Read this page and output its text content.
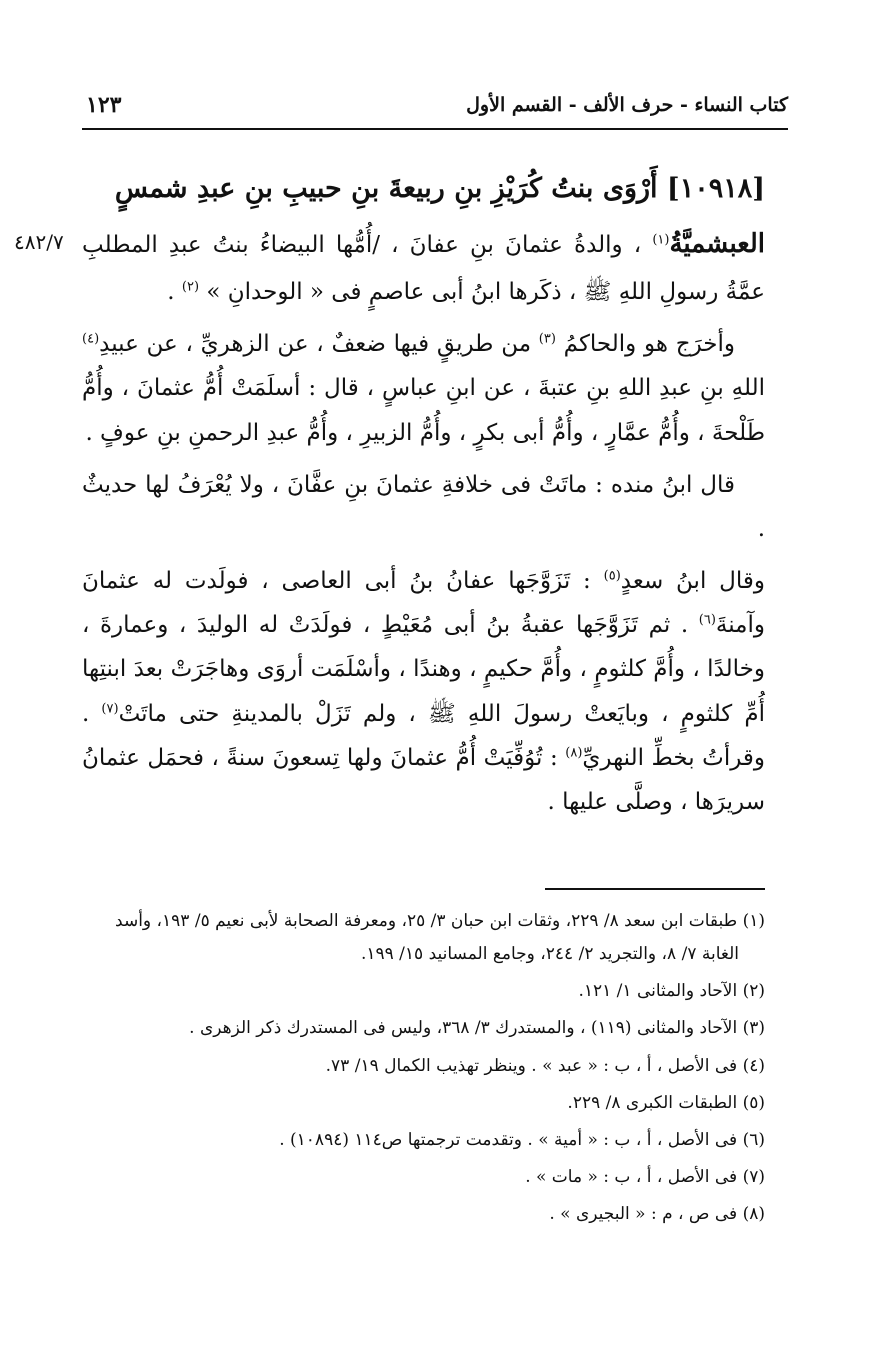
كتاب النساء - حرف الألف - القسم الأول
١٢٣
٤٨٢/٧

[١٠٩١٨] أَرْوَى بنتُ كُرَيْزِ بنِ ربيعةَ بنِ حبيبِ بنِ عبدِ شمسٍ

العبشميَّةُ$^{(١)}$ ، والدةُ عثمانَ بنِ عفانَ ، /أُمُّها البيضاءُ بنتُ عبدِ المطلبِ عمَّةُ رسولِ اللهِ ﷺ ، ذكَرها ابنُ أبى عاصمٍ فى « الوحدانِ » $^{(٢)}$ .

وأخرَج هو والحاكمُ $^{(٣)}$ من طريقٍ فيها ضعفٌ ، عن الزهريِّ ، عن عبيدِ$^{(٤)}$ اللهِ بنِ عبدِ اللهِ بنِ عتبةَ ، عن ابنِ عباسٍ ، قال : أسلَمَتْ أُمُّ عثمانَ ، وأُمُّ طَلْحةَ ، وأُمُّ عمَّارٍ ، وأُمُّ أبى بكرٍ ، وأُمُّ الزبيرِ ، وأُمُّ عبدِ الرحمنِ بنِ عوفٍ .

قال ابنُ منده : ماتَتْ فى خلافةِ عثمانَ بنِ عفَّانَ ، ولا يُعْرَفُ لها حديثٌ .

وقال ابنُ سعدٍ$^{(٥)}$ : تَزَوَّجَها عفانُ بنُ أبى العاصى ، فولَدت له عثمانَ وآمنةَ$^{(٦)}$ . ثم تَزَوَّجَها عقبةُ بنُ أبى مُعَيْطٍ ، فولَدَتْ له الوليدَ ، وعمارةَ ، وخالدًا ، وأُمَّ كلثومٍ ، وأُمَّ حكيمٍ ، وهندًا ، وأسْلَمَت أروَى وهاجَرَتْ بعدَ ابنتِها أُمِّ كلثومٍ ، وبايَعتْ رسولَ اللهِ ﷺ ، ولم تَزَلْ بالمدينةِ حتى ماتَتْ$^{(٧)}$ . وقرأتُ بخطِّ النهريِّ$^{(٨)}$ : تُوُفِّيَتْ أُمُّ عثمانَ ولها تِسعونَ سنةً ، فحمَل عثمانُ سريرَها ، وصلَّى عليها .

(١) طبقات ابن سعد ٨/ ٢٢٩، وثقات ابن حبان ٣/ ٢٥، ومعرفة الصحابة لأبى نعيم ٥/ ١٩٣، وأسد
الغابة ٧/ ٨، والتجريد ٢/ ٢٤٤، وجامع المسانيد ١٥/ ١٩٩.

(٢) الآحاد والمثانى ١/ ١٢١.

(٣) الآحاد والمثانى (١١٩) ، والمستدرك ٣/ ٣٦٨، وليس فى المستدرك ذكر الزهرى .

(٤) فى الأصل ، أ ، ب : « عبد » . وينظر تهذيب الكمال ١٩/ ٧٣.

(٥) الطبقات الكبرى ٨/ ٢٢٩.

(٦) فى الأصل ، أ ، ب : « أمية » . وتقدمت ترجمتها ص١١٤ (١٠٨٩٤) .

(٧) فى الأصل ، أ ، ب : « مات » .

(٨) فى ص ، م : « البجيرى » .
